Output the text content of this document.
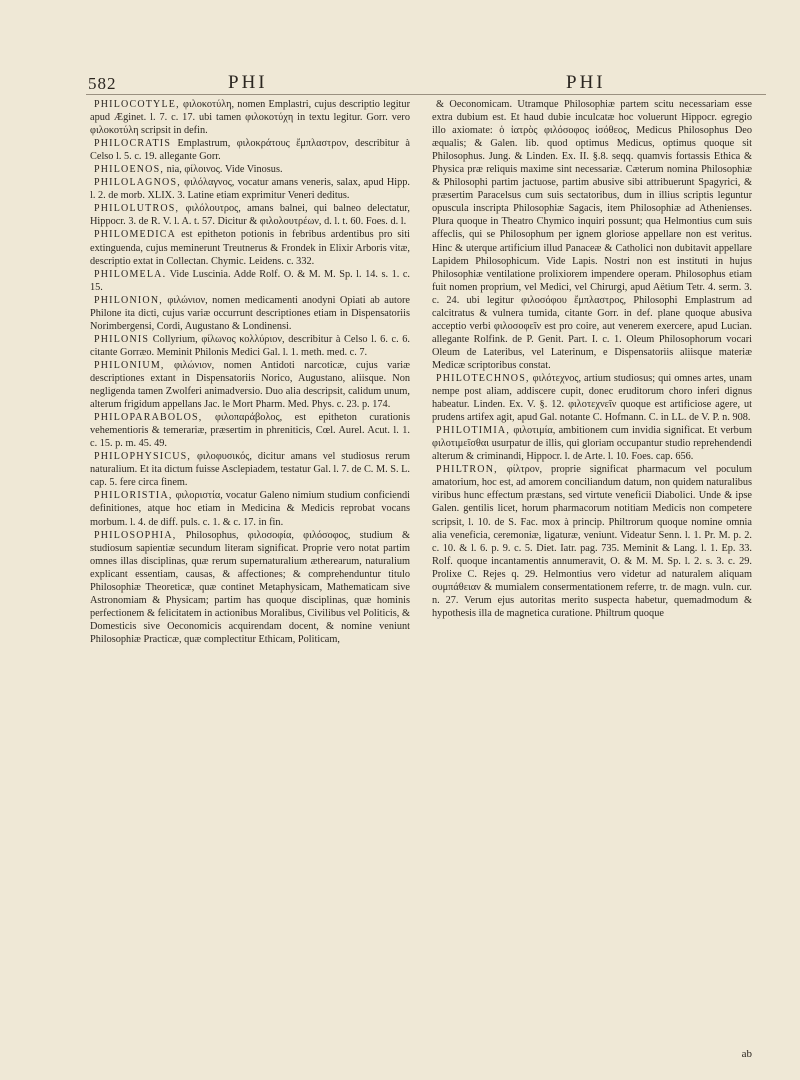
582	PHI	PHI

PHILOCOTYLE, φιλοκοτύλη, nomen Emplastri, cujus descriptio legitur apud Æginet. l. 7. c. 17. ubi tamen φιλοκοτύχη in textu legitur. Gorr. vero φιλοκοτύλη scripsit in defin.

PHILOCRATIS Emplastrum, φιλοκράτους ἔμπλαστρον, describitur à Celso l. 5. c. 19. allegante Gorr.

PHILOENOS, nia, φίλοινος. Vide Vinosus.

PHILOLAGNOS, φιλόλαγνος, vocatur amans veneris, salax, apud Hipp. l. 2. de morb. XLIX. 3. Latine etiam exprimitur Veneri deditus.

PHILOLUTROS, φιλόλουτρος, amans balnei, qui balneo delectatur, Hippocr. 3. de R. V. l. A. t. 57. Dicitur & φιλολουτρέων, d. l. t. 60. Foes. d. l.

PHILOMEDICA est epitheton potionis in febribus ardentibus pro siti extinguenda, cujus meminerunt Treutnerus & Frondek in Elixir Arboris vitæ, descriptio extat in Collectan. Chymic. Leidens. c. 332.

PHILOMELA. Vide Luscinia. Adde Rolf. O. & M. M. Sp. l. 14. s. 1. c. 15.

PHILONION, φιλώνιον, nomen medicamenti anodyni Opiati ab autore Philone ita dicti, cujus variæ occurrunt descriptiones etiam in Dispensatoriis Norimbergensi, Cordi, Augustano & Londinensi.

PHILONIS Collyrium, φίλωνος κολλύριον, describitur à Celso l. 6. c. 6. citante Gorræo. Meminit Philonis Medici Gal. l. 1. meth. med. c. 7.

PHILONIUM, φιλώνιον, nomen Antidoti narcoticæ, cujus variæ descriptiones extant in Dispensatoriis Norico, Augustano, aliisque. Non negligenda tamen Zwolferi animadversio. Duo alia descripsit, calidum unum, alterum frigidum appellans Jac. le Mort Pharm. Med. Phys. c. 23. p. 174.

PHILOPARABOLOS, φιλοπαράβολος, est epitheton curationis vehementioris & temerariæ, præsertim in phreniticis, Cœl. Aurel. Acut. l. 1. c. 15. p. m. 45. 49.

PHILOPHYSICUS, φιλοφυσικός, dicitur amans vel studiosus rerum naturalium. Et ita dictum fuisse Asclepiadem, testatur Gal. l. 7. de C. M. S. L. cap. 5. fere circa finem.

PHILORISTIA, φιλοριστία, vocatur Galeno nimium studium conficiendi definitiones, atque hoc etiam in Medicina & Medicis reprobat vocans morbum. l. 4. de diff. puls. c. 1. & c. 17. in fin.

PHILOSOPHIA, Philosophus, φιλοσοφία, φιλόσοφος, studium & studiosum sapientiæ secundum literam significat. Proprie vero notat partim omnes illas disciplinas, quæ rerum supernaturalium ætherearum, naturalium explicant essentiam, causas, & affectiones; & comprehenduntur titulo Philosophiæ Theoreticæ, quæ continet Metaphysicam, Mathematicam sive Astronomiam & Physicam; partim has quoque disciplinas, quæ hominis perfectionem & felicitatem in actionibus Moralibus, Civilibus vel Politicis, & Domesticis sive Oeconomicis acquirendam docent, & nomine veniunt Philosophiæ Practicæ, quæ complectitur Ethicam, Politicam,

& Oeconomicam. Utramque Philosophiæ partem scitu necessariam esse extra dubium est. Et haud dubie inculcatæ hoc voluerunt Hippocr. egregio illo axiomate: ὁ ἰατρὸς φιλόσοφος ἰσόθεος, Medicus Philosophus Deo æqualis; & Galen. lib. quod optimus Medicus, optimus quoque sit Philosophus. Jung. & Linden. Ex. II. §.8. seqq. quamvis fortassis Ethica & Physica præ reliquis maxime sint necessariæ. Cæterum nomina Philosophiæ & Philosophi partim jactuose, partim abusive sibi attribuerunt Spagyrici, & præsertim Paracelsus cum suis sectatoribus, dum in illius scriptis leguntur opuscula inscripta Philosophiæ Sagacis, item Philosophiæ ad Athenienses. Plura quoque in Theatro Chymico inquiri possunt; qua Helmontius cum suis affeclis, qui se Philosophum per ignem gloriose appellare non est veritus. Hinc & uterque artificium illud Panaceæ & Catholici non dubitavit appellare Lapidem Philosophicum. Vide Lapis. Nostri non est instituti in hujus Philosophiæ ventilatione prolixiorem impendere operam. Philosophus etiam fuit nomen proprium, vel Medici, vel Chirurgi, apud Aëtium Tetr. 4. serm. 3. c. 24. ubi legitur φιλοσόφου ἔμπλαστρος, Philosophi Emplastrum ad calcitratus & vulnera tumida, citante Gorr. in def. plane quoque abusiva acceptio verbi φιλοσοφεῖν est pro coire, aut venerem exercere, apud Lucian. allegante Rolfink. de P. Genit. Part. I. c. 1. Oleum Philosophorum vocari Oleum de Lateribus, vel Laterinum, e Dispensatoriis aliisque materiæ Medicæ scriptoribus constat.

PHILOTECHNOS, φιλότεχνος, artium studiosus; qui omnes artes, unam nempe post aliam, addiscere cupit, donec eruditorum choro inferi dignus habeatur. Linden. Ex. V. §. 12. φιλοτεχνεῖν quoque est artificiose agere, ut prudens artifex agit, apud Gal. notante C. Hofmann. C. in LL. de V. P. n. 908.

PHILOTIMIA, φιλοτιμία, ambitionem cum invidia significat. Et verbum φιλοτιμεῖσθαι usurpatur de illis, qui gloriam occupantur studio reprehendendi alterum & criminandi, Hippocr. l. de Arte. l. 10. Foes. cap. 656.

PHILTRON, φίλτρον, proprie significat pharmacum vel poculum amatorium, hoc est, ad amorem conciliandum datum, non quidem naturalibus viribus hunc effectum præstans, sed virtute veneficii Diabolici. Unde & ipse Galen. gentilis licet, horum pharmacorum notitiam Medicis non competere scripsit, l. 10. de S. Fac. mox à princip. Philtrorum quoque nomine omnia alia veneficia, ceremoniæ, ligaturæ, veniunt. Videatur Senn. l. 1. Pr. M. p. 2. c. 10. & l. 6. p. 9. c. 5. Diet. Iatr. pag. 735. Meminit & Lang. l. 1. Ep. 33. Rolf. quoque incantamentis annumeravit, O. & M. M. Sp. l. 2. s. 3. c. 29. Prolixe C. Rejes q. 29. Helmontius vero videtur ad naturalem aliquam συμπάθειαν & mumialem consermentationem referre, tr. de magn. vuln. cur. n. 27. Verum ejus autoritas merito suspecta habetur, quemadmodum & hypothesis illa de magnetica curatione. Philtrum quoque

ab
